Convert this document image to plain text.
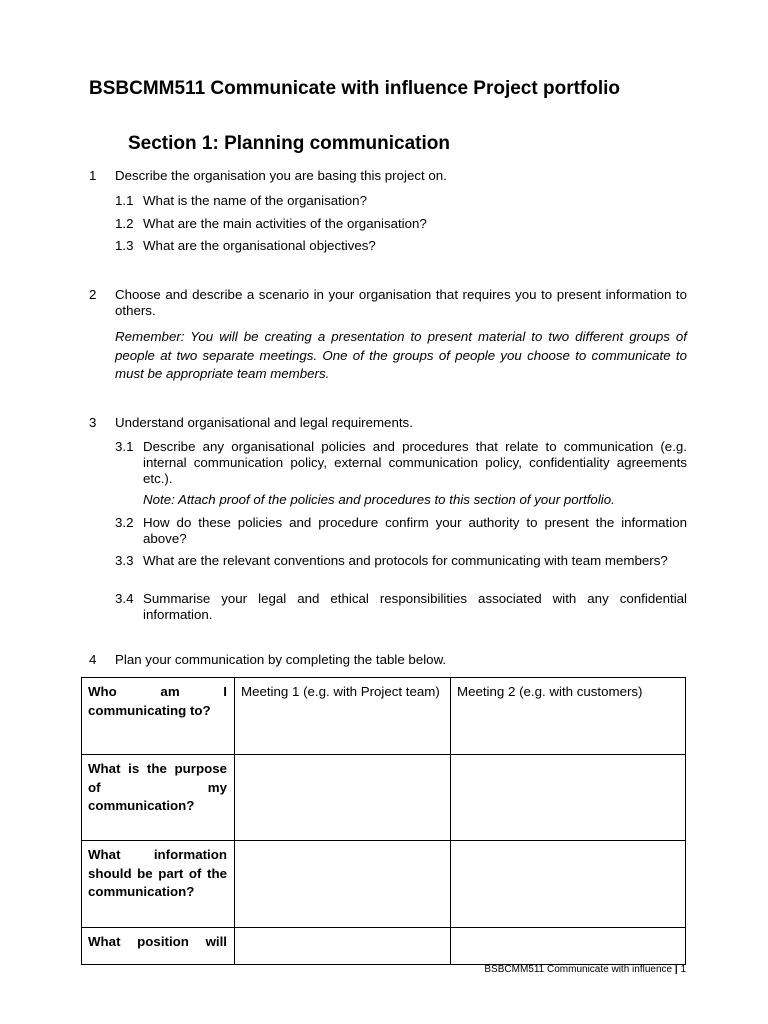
BSBCMM511 Communicate with influence Project portfolio
Section 1: Planning communication
1 Describe the organisation you are basing this project on.
1.1 What is the name of the organisation?
1.2 What are the main activities of the organisation?
1.3 What are the organisational objectives?
2 Choose and describe a scenario in your organisation that requires you to present information to others.
Remember: You will be creating a presentation to present material to two different groups of people at two separate meetings. One of the groups of people you choose to communicate to must be appropriate team members.
3 Understand organisational and legal requirements.
3.1 Describe any organisational policies and procedures that relate to communication (e.g. internal communication policy, external communication policy, confidentiality agreements etc.).
Note: Attach proof of the policies and procedures to this section of your portfolio.
3.2 How do these policies and procedure confirm your authority to present the information above?
3.3 What are the relevant conventions and protocols for communicating with team members?
3.4 Summarise your legal and ethical responsibilities associated with any confidential information.
4 Plan your communication by completing the table below.
Who am I
communicating to?	Meeting 1 (e.g. with Project team)	Meeting 2 (e.g. with customers)
What is the purpose of my communication?		
What information should be part of the communication?		

What position will		

BSBCMM511 Communicate with influence | 1
